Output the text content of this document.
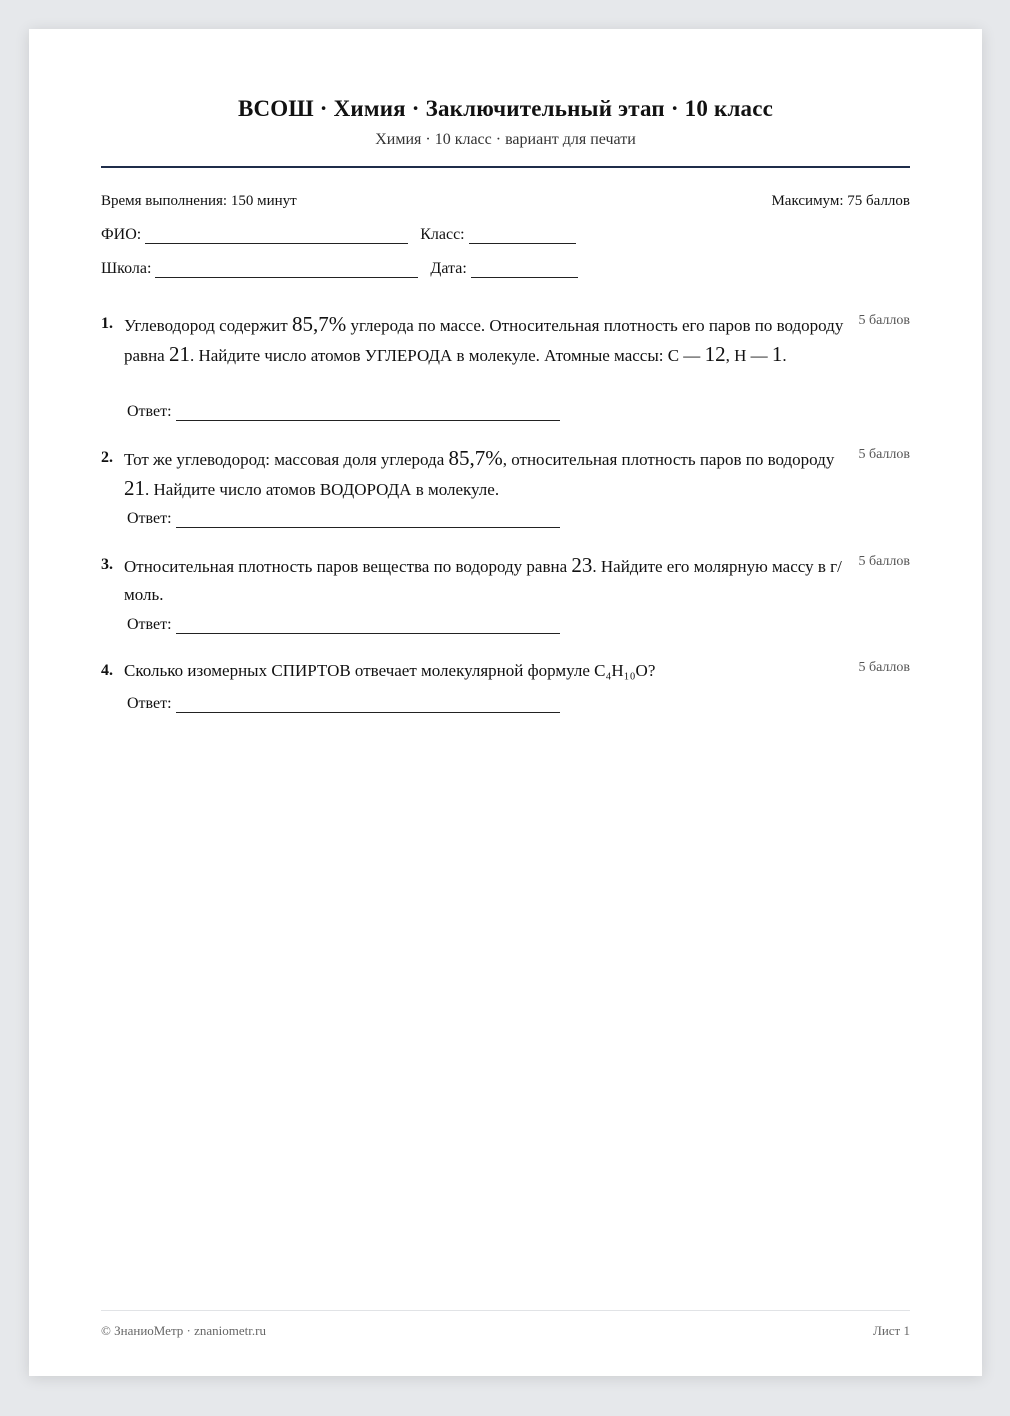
ВСОШ · Химия · Заключительный этап · 10 класс
Химия · 10 класс · вариант для печати
Время выполнения: 150 минут	Максимум: 75 баллов
ФИО:	Класс:
Школа:	Дата:
1. Углеводород содержит 85,7% углерода по массе. Относительная плотность его паров по водороду равна 21. Найдите число атомов УГЛЕРОДА в молекуле. Атомные массы: C — 12, H — 1.
5 баллов
Ответ:
2. Тот же углеводород: массовая доля углерода 85,7%, относительная плотность паров по водороду 21. Найдите число атомов ВОДОРОДА в молекуле.
5 баллов
Ответ:
3. Относительная плотность паров вещества по водороду равна 23. Найдите его молярную массу в г/моль.
5 баллов
Ответ:
4. Сколько изомерных СПИРТОВ отвечает молекулярной формуле C₄H₁₀O?	5 баллов
Ответ:
© ЗнаниоМетр · znaniometr.ru	Лист 1
